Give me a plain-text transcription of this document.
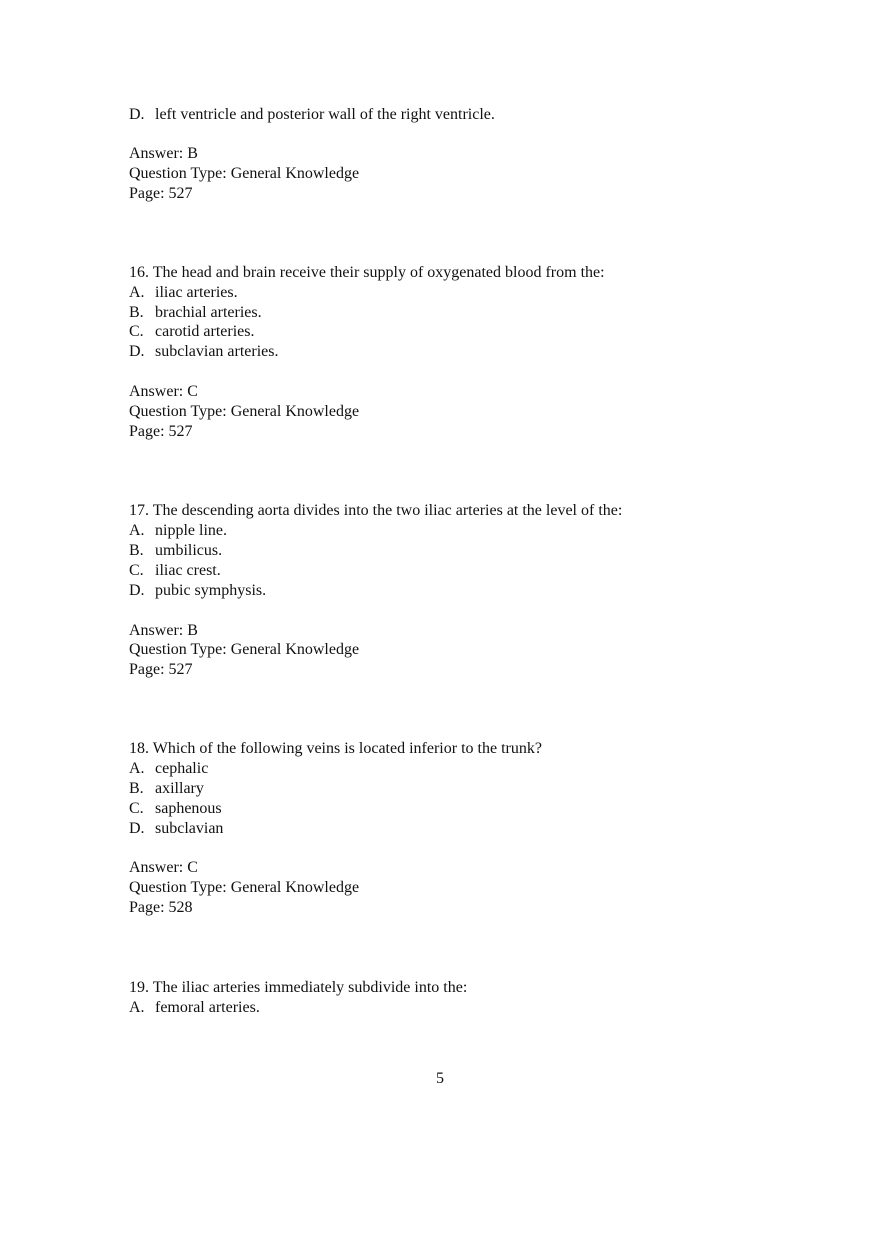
D. left ventricle and posterior wall of the right ventricle.
Answer: B
Question Type: General Knowledge
Page: 527
16. The head and brain receive their supply of oxygenated blood from the:
A. iliac arteries.
B. brachial arteries.
C. carotid arteries.
D. subclavian arteries.
Answer: C
Question Type: General Knowledge
Page: 527
17. The descending aorta divides into the two iliac arteries at the level of the:
A. nipple line.
B. umbilicus.
C. iliac crest.
D. pubic symphysis.
Answer: B
Question Type: General Knowledge
Page: 527
18. Which of the following veins is located inferior to the trunk?
A. cephalic
B. axillary
C. saphenous
D. subclavian
Answer: C
Question Type: General Knowledge
Page: 528
19. The iliac arteries immediately subdivide into the:
A. femoral arteries.
5
